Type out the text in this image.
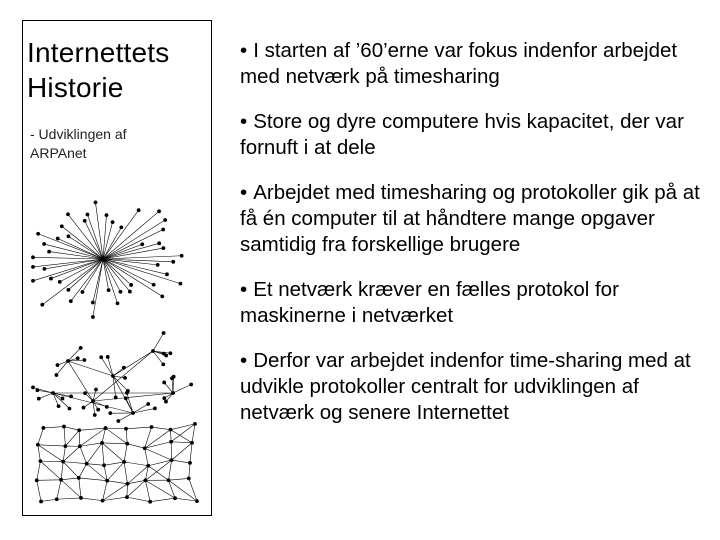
Internettets
Historie
- Udviklingen af
ARPAnet
• I starten af ’60’erne var fokus indenfor arbejdet med netværk på timesharing
• Store og dyre computere hvis kapacitet, der var fornuft i at dele
• Arbejdet med timesharing og protokoller gik på at få én computer til at håndtere mange opgaver samtidig fra forskellige brugere
• Et netværk kræver en fælles protokol for maskinerne i netværket
• Derfor var arbejdet indenfor time-sharing med at udvikle protokoller centralt for udviklingen af netværk og senere Internettet
